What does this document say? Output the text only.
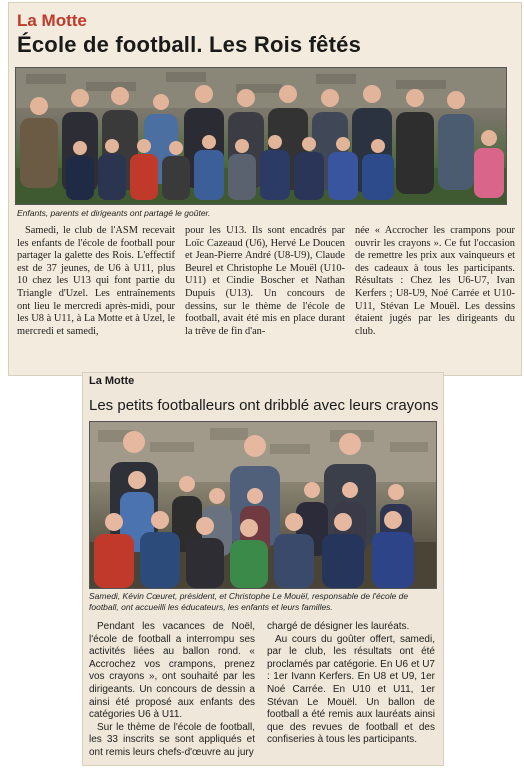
La Motte
École de football. Les Rois fêtés
Enfants, parents et dirigeants ont partagé le goûter.

Samedi, le club de l'ASM recevait les enfants de l'école de football pour partager la galette des Rois. L'effectif est de 37 jeunes, de U6 à U11, plus 10 chez les U13 qui font partie du Triangle d'Uzel. Les entraînements ont lieu le mercredi après-midi, pour les U8 à U11, à La Motte et à Uzel, le mercredi et samedi,

pour les U13. Ils sont encadrés par Loïc Cazeaud (U6), Hervé Le Doucen et Jean-Pierre André (U8-U9), Claude Beurel et Christophe Le Mouël (U10-U11) et Cindie Boscher et Nathan Dupuis (U13). Un concours de dessins, sur le thème de l'école de football, avait été mis en place durant la trêve de fin d'an-

née « Accrocher les crampons pour ouvrir les crayons ». Ce fut l'occasion de remettre les prix aux vainqueurs et des cadeaux à tous les participants. Résultats : Chez les U6-U7, Ivan Kerfers ; U8-U9, Noé Carrée et U10-U11, Stévan Le Mouël. Les dessins étaient jugés par les dirigeants du club.

La Motte
Les petits footballeurs ont dribblé avec leurs crayons
Samedi, Kévin Cœuret, président, et Christophe Le Mouël, responsable de l'école de football, ont accueilli les éducateurs, les enfants et leurs familles.

Pendant les vacances de Noël, l'école de football a interrompu ses activités liées au ballon rond. « Accrochez vos crampons, prenez vos crayons », ont souhaité par les dirigeants. Un concours de dessin a ainsi été proposé aux enfants des catégories U6 à U11.

Sur le thème de l'école de football, les 33 inscrits se sont appliqués et ont remis leurs chefs-d'œuvre au jury

chargé de désigner les lauréats.

Au cours du goûter offert, samedi, par le club, les résultats ont été proclamés par catégorie. En U6 et U7 : 1er Ivann Kerfers. En U8 et U9, 1er Noé Carrée. En U10 et U11, 1er Stévan Le Mouël. Un ballon de football a été remis aux lauréats ainsi que des revues de football et des confiseries à tous les participants.
